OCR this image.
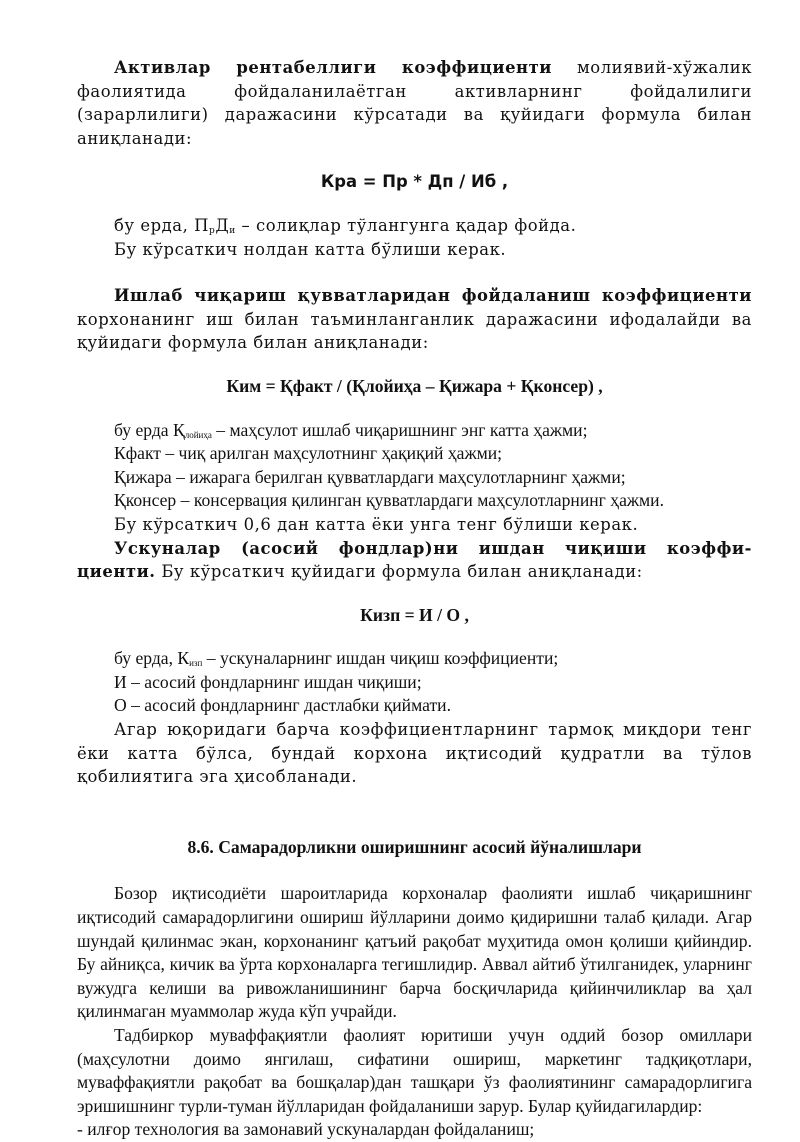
Активлар рентабеллиги коэффициенти молиявий-хўжалик фаолиятида фойдаланилаётган активларнинг фойдалилиги (зарарлилиги) даражасини кўрсатади ва қуйидаги формула билан аниқланади:

Кра = Пр * Дп / Иб ,

бу ерда, $П_рД_и$ – солиқлар тўлангунга қадар фойда.

Бу кўрсаткич нолдан катта бўлиши керак.

Ишлаб чиқариш қувватларидан фойдаланиш коэффициенти корхонанинг иш билан таъминланганлик даражасини ифодалайди ва қуйидаги формула билан аниқланади:

Ким = Қфакт / (Қлойиҳа – Қижара + Қконсер) ,

бу ерда $Қ_{лойиҳа}$ – маҳсулот ишлаб чиқаришнинг энг катта ҳажми;

Кфакт – чиқ арилган маҳсулотнинг ҳақиқий ҳажми;

Қижара – ижарага берилган қувватлардаги маҳсулотларнинг ҳажми;

Қконсер – консервация қилинган қувватлардаги маҳсулотларнинг ҳажми.

Бу кўрсаткич 0,6 дан катта ёки унга тенг бўлиши керак.

Ускуналар (асосий фондлар)ни ишдан чиқиши коэффи-циенти. Бу кўрсаткич қуйидаги формула билан аниқланади:

Кизп = И / О ,

бу ерда, $К_{изп}$ – ускуналарнинг ишдан чиқиш коэффициенти;

И – асосий фондларнинг ишдан чиқиши;

О – асосий фондларнинг дастлабки қиймати.

Агар юқоридаги барча коэффициентларнинг тармоқ миқдори тенг ёки катта бўлса, бундай корхона иқтисодий қудратли ва тўлов қобилиятига эга ҳисобланади.

8.6. Самарадорликни оширишнинг асосий йўналишлари

Бозор иқтисодиёти шароитларида корхоналар фаолияти ишлаб чиқаришнинг иқтисодий самарадорлигини ошириш йўлларини доимо қидиришни талаб қилади. Агар шундай қилинмас экан, корхонанинг қатъий рақобат муҳитида омон қолиши қийиндир. Бу айниқса, кичик ва ўрта корхоналарга тегишлидир. Аввал айтиб ўтилганидек, уларнинг вужудга келиши ва ривожланишининг барча босқичларида қийинчиликлар ва ҳал қилинмаган муаммолар жуда кўп учрайди.

Тадбиркор муваффақиятли фаолият юритиши учун оддий бозор омиллари (маҳсулотни доимо янгилаш, сифатини ошириш, маркетинг тадқиқотлари, муваффақиятли рақобат ва бошқалар)дан ташқари ўз фаолиятининг самарадорлигига эришишнинг турли-туман йўлларидан фойдаланиши зарур. Булар қуйидагилардир:

- илғор технология ва замонавий ускуналардан фойдаланиш;
